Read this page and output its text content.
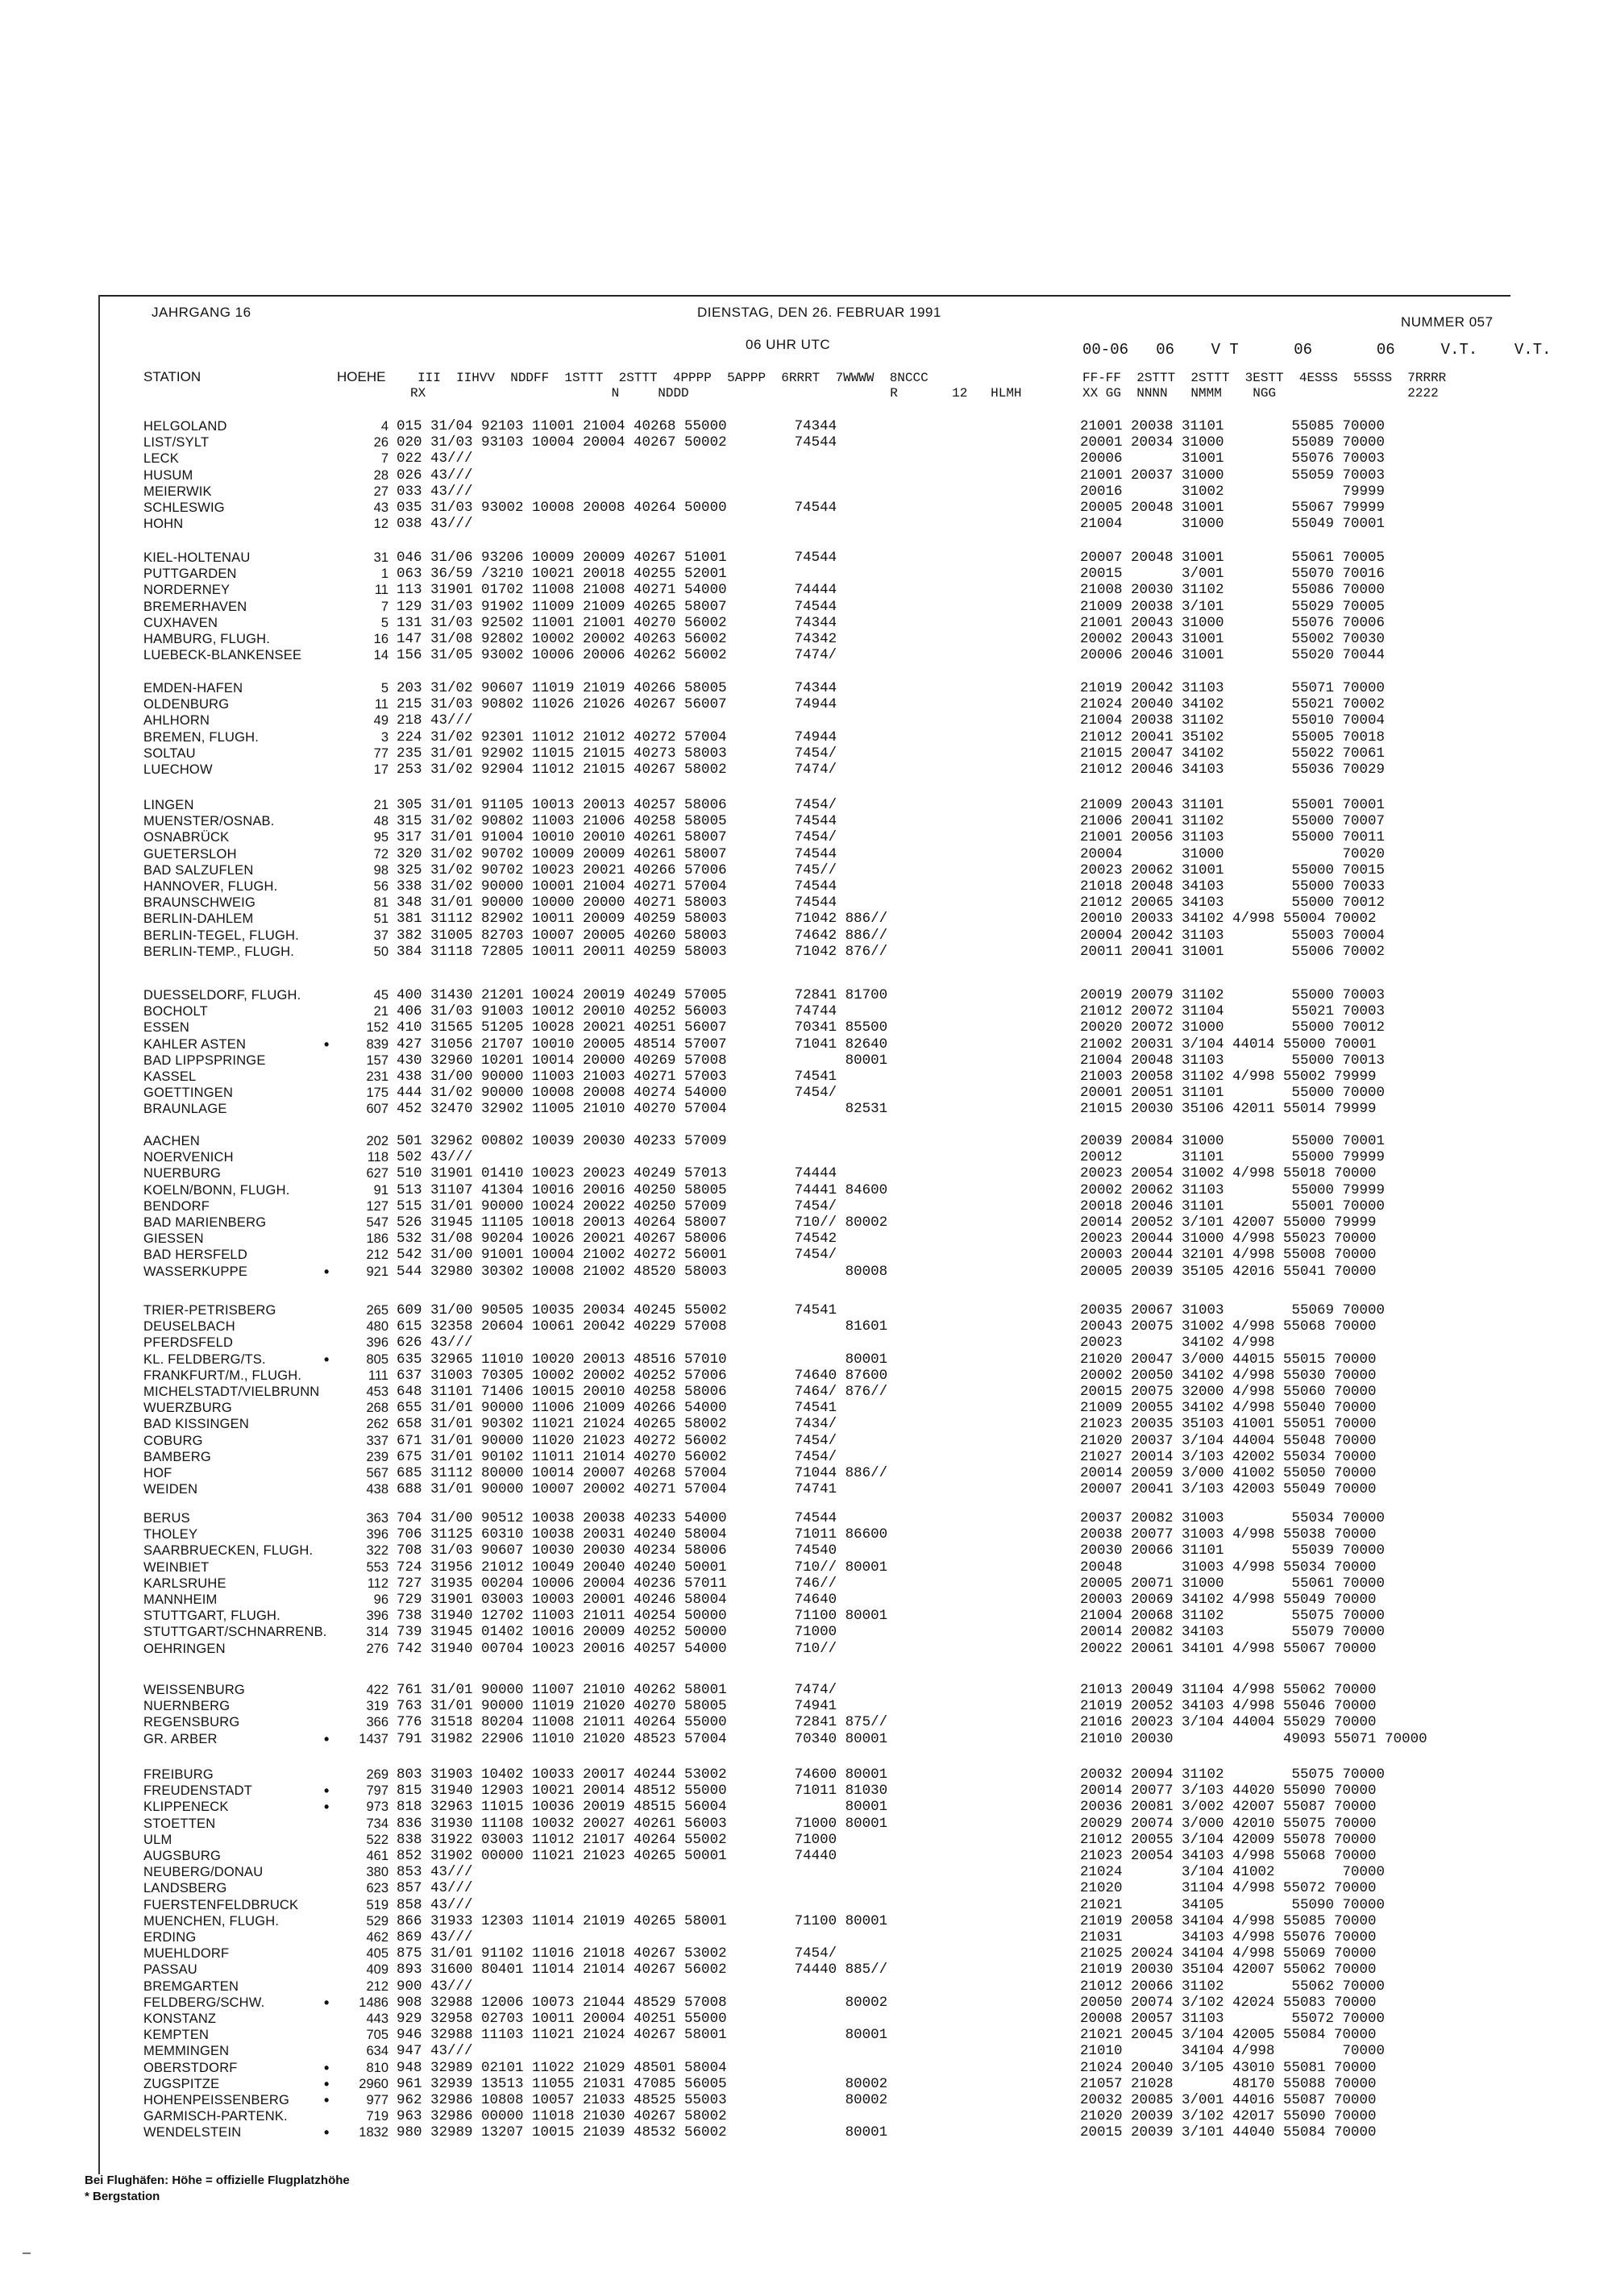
JAHRGANG 16	DIENSTAG, DEN 26. FEBRUAR 1991
NUMMER 057
06 UHR UTC	00-06   06    V T      06       06     V.T.    V.T.
STATION	HOEHE III  IIHVV  NDDFF  1STTT  2STTT  4PPPP  5APPP  6RRRT  7WWWW  8NCCC
RX                        N     NDDD                          R       12   HLMH
FF-FF  2STTT  2STTT  3ESTT  4ESSS  55SSS  7RRRR
XX GG  NNNN   NMMM    NGG                 2222
HELGOLAND	4 015 31/04 92103 11001 21004 40268 55000        74344	21001 20038 31101        55085 70000
LIST/SYLT	26 020 31/03 93103 10004 20004 40267 50002        74544	20001 20034 31000        55089 70000
LECK	7 022 43///	20006       31001        55076 70003
HUSUM	28 026 43///	21001 20037 31000        55059 70003
MEIERWIK	27 033 43///	20016       31002              79999
SCHLESWIG	43 035 31/03 93002 10008 20008 40264 50000        74544	20005 20048 31001        55067 79999
HOHN	12 038 43///	21004       31000        55049 70001
KIEL-HOLTENAU	31 046 31/06 93206 10009 20009 40267 51001        74544	20007 20048 31001        55061 70005
PUTTGARDEN	1 063 36/59 /3210 10021 20018 40255 52001	20015       3/001        55070 70016
NORDERNEY	11 113 31901 01702 11008 21008 40271 54000        74444	21008 20030 31102        55086 70000
BREMERHAVEN	7 129 31/03 91902 11009 21009 40265 58007        74544	21009 20038 3/101        55029 70005
CUXHAVEN	5 131 31/03 92502 11001 21001 40270 56002        74344	21001 20043 31000        55076 70006
HAMBURG, FLUGH.	16 147 31/08 92802 10002 20002 40263 56002        74342	20002 20043 31001        55002 70030
LUEBECK-BLANKENSEE	14 156 31/05 93002 10006 20006 40262 56002        7474/	20006 20046 31001        55020 70044
EMDEN-HAFEN	5 203 31/02 90607 11019 21019 40266 58005        74344	21019 20042 31103        55071 70000
OLDENBURG	11 215 31/03 90802 11026 21026 40267 56007        74944	21024 20040 34102        55021 70002
AHLHORN	49 218 43///	21004 20038 31102        55010 70004
BREMEN, FLUGH.	3 224 31/02 92301 11012 21012 40272 57004        74944	21012 20041 35102        55005 70018
SOLTAU	77 235 31/01 92902 11015 21015 40273 58003        7454/	21015 20047 34102        55022 70061
LUECHOW	17 253 31/02 92904 11012 21015 40267 58002        7474/	21012 20046 34103        55036 70029
LINGEN	21 305 31/01 91105 10013 20013 40257 58006        7454/	21009 20043 31101        55001 70001
MUENSTER/OSNAB.	48 315 31/02 90802 11003 21006 40258 58005        74544	21006 20041 31102        55000 70007
OSNABRÜCK	95 317 31/01 91004 10010 20010 40261 58007        7454/	21001 20056 31103        55000 70011
GUETERSLOH	72 320 31/02 90702 10009 20009 40261 58007        74544	20004       31000              70020
BAD SALZUFLEN	98 325 31/02 90702 10023 20021 40266 57006        745//	20023 20062 31001        55000 70015
HANNOVER, FLUGH.	56 338 31/02 90000 10001 21004 40271 57004        74544	21018 20048 34103        55000 70033
BRAUNSCHWEIG	81 348 31/01 90000 10000 20000 40271 58003        74544	21012 20065 34103        55000 70012
BERLIN-DAHLEM	51 381 31112 82902 10011 20009 40259 58003        71042 886//	20010 20033 34102 4/998 55004 70002
BERLIN-TEGEL, FLUGH.	37 382 31005 82703 10007 20005 40260 58003        74642 886//	20004 20042 31103        55003 70004
BERLIN-TEMP., FLUGH.	50 384 31118 72805 10011 20011 40259 58003        71042 876//	20011 20041 31001        55006 70002
DUESSELDORF, FLUGH.	45 400 31430 21201 10024 20019 40249 57005        72841 81700	20019 20079 31102        55000 70003
BOCHOLT	21 406 31/03 91003 10012 20010 40252 56003        74744	21012 20072 31104        55021 70003
ESSEN	152 410 31565 51205 10028 20021 40251 56007        70341 85500	20020 20072 31000        55000 70012
KAHLER ASTEN	•	839 427 31056 21707 10010 20005 48514 57007        71041 82640	21002 20031 3/104 44014 55000 70001
BAD LIPPSPRINGE	157 430 32960 10201 10014 20000 40269 57008              80001	21004 20048 31103        55000 70013
KASSEL	231 438 31/00 90000 11003 21003 40271 57003        74541	21003 20058 31102 4/998 55002 79999
GOETTINGEN	175 444 31/02 90000 10008 20008 40274 54000        7454/	20001 20051 31101        55000 70000
BRAUNLAGE	607 452 32470 32902 11005 21010 40270 57004              82531	21015 20030 35106 42011 55014 79999
AACHEN	202 501 32962 00802 10039 20030 40233 57009	20039 20084 31000        55000 70001
NOERVENICH	118 502 43///	20012       31101        55000 79999
NUERBURG	627 510 31901 01410 10023 20023 40249 57013        74444	20023 20054 31002 4/998 55018 70000
KOELN/BONN, FLUGH.	91 513 31107 41304 10016 20016 40250 58005        74441 84600	20002 20062 31103        55000 79999
BENDORF	127 515 31/01 90000 10024 20022 40250 57009        7454/	20018 20046 31101        55001 70000
BAD MARIENBERG	547 526 31945 11105 10018 20013 40264 58007        710// 80002	20014 20052 3/101 42007 55000 79999
GIESSEN	186 532 31/08 90204 10026 20021 40267 58006        74542	20023 20044 31000 4/998 55023 70000
BAD HERSFELD	212 542 31/00 91001 10004 21002 40272 56001        7454/	20003 20044 32101 4/998 55008 70000
WASSERKUPPE	•	921 544 32980 30302 10008 21002 48520 58003              80008	20005 20039 35105 42016 55041 70000
TRIER-PETRISBERG	265 609 31/00 90505 10035 20034 40245 55002        74541	20035 20067 31003        55069 70000
DEUSELBACH	480 615 32358 20604 10061 20042 40229 57008              81601	20043 20075 31002 4/998 55068 70000
PFERDSFELD	396 626 43///	20023       34102 4/998
KL. FELDBERG/TS.	•	805 635 32965 11010 10020 20013 48516 57010              80001	21020 20047 3/000 44015 55015 70000
FRANKFURT/M., FLUGH.	111 637 31003 70305 10002 20002 40252 57006        74640 87600	20002 20050 34102 4/998 55030 70000
MICHELSTADT/VIELBRUNN	453 648 31101 71406 10015 20010 40258 58006        7464/ 876//	20015 20075 32000 4/998 55060 70000
WUERZBURG	268 655 31/01 90000 11006 21009 40266 54000        74541	21009 20055 34102 4/998 55040 70000
BAD KISSINGEN	262 658 31/01 90302 11021 21024 40265 58002        7434/	21023 20035 35103 41001 55051 70000
COBURG	337 671 31/01 90000 11020 21023 40272 56002        7454/	21020 20037 3/104 44004 55048 70000
BAMBERG	239 675 31/01 90102 11011 21014 40270 56002        7454/	21027 20014 3/103 42002 55034 70000
HOF	567 685 31112 80000 10014 20007 40268 57004        71044 886//	20014 20059 3/000 41002 55050 70000
WEIDEN	438 688 31/01 90000 10007 20002 40271 57004        74741	20007 20041 3/103 42003 55049 70000
BERUS	363 704 31/00 90512 10038 20038 40233 54000        74544	20037 20082 31003        55034 70000
THOLEY	396 706 31125 60310 10038 20031 40240 58004        71011 86600	20038 20077 31003 4/998 55038 70000
SAARBRUECKEN, FLUGH.	322 708 31/03 90607 10030 20030 40234 58006        74540	20030 20066 31101        55039 70000
WEINBIET	553 724 31956 21012 10049 20040 40240 50001        710// 80001	20048       31003 4/998 55034 70000
KARLSRUHE	112 727 31935 00204 10006 20004 40236 57011        746//	20005 20071 31000        55061 70000
MANNHEIM	96 729 31901 03003 10003 20001 40246 58004        74640	20003 20069 34102 4/998 55049 70000
STUTTGART, FLUGH.	396 738 31940 12702 11003 21011 40254 50000        71100 80001	21004 20068 31102        55075 70000
STUTTGART/SCHNARRENB.	314 739 31945 01402 10016 20009 40252 50000        71000	20014 20082 34103        55079 70000
OEHRINGEN	276 742 31940 00704 10023 20016 40257 54000        710//	20022 20061 34101 4/998 55067 70000
WEISSENBURG	422 761 31/01 90000 11007 21010 40262 58001        7474/	21013 20049 31104 4/998 55062 70000
NUERNBERG	319 763 31/01 90000 11019 21020 40270 58005        74941	21019 20052 34103 4/998 55046 70000
REGENSBURG	366 776 31518 80204 11008 21011 40264 55000        72841 875//	21016 20023 3/104 44004 55029 70000
GR. ARBER	•	1437 791 31982 22906 11010 21020 48523 57004        70340 80001	21010 20030             49093 55071 70000
FREIBURG	269 803 31903 10402 10033 20017 40244 53002        74600 80001	20032 20094 31102        55075 70000
FREUDENSTADT	•	797 815 31940 12903 10021 20014 48512 55000        71011 81030	20014 20077 3/103 44020 55090 70000
KLIPPENECK	•	973 818 32963 11015 10036 20019 48515 56004              80001	20036 20081 3/002 42007 55087 70000
STOETTEN	734 836 31930 11108 10032 20027 40261 56003        71000 80001	20029 20074 3/000 42010 55075 70000
ULM	522 838 31922 03003 11012 21017 40264 55002        71000	21012 20055 3/104 42009 55078 70000
AUGSBURG	461 852 31902 00000 11021 21023 40265 50001        74440	21023 20054 34103 4/998 55068 70000
NEUBERG/DONAU	380 853 43///	21024       3/104 41002        70000
LANDSBERG	623 857 43///	21020       31104 4/998 55072 70000
FUERSTENFELDBRUCK	519 858 43///	21021       34105        55090 70000
MUENCHEN, FLUGH.	529 866 31933 12303 11014 21019 40265 58001        71100 80001	21019 20058 34104 4/998 55085 70000
ERDING	462 869 43///	21031       34103 4/998 55076 70000
MUEHLDORF	405 875 31/01 91102 11016 21018 40267 53002        7454/	21025 20024 34104 4/998 55069 70000
PASSAU	409 893 31600 80401 11014 21014 40267 56002        74440 885//	21019 20030 35104 42007 55062 70000
BREMGARTEN	212 900 43///	21012 20066 31102        55062 70000
FELDBERG/SCHW.	•	1486 908 32988 12006 10073 21044 48529 57008              80002	20050 20074 3/102 42024 55083 70000
KONSTANZ	443 929 32958 02703 10011 20004 40251 55000	20008 20057 31103        55072 70000
KEMPTEN	705 946 32988 11103 11021 21024 40267 58001              80001	21021 20045 3/104 42005 55084 70000
MEMMINGEN	634 947 43///	21010       34104 4/998        70000
OBERSTDORF	•	810 948 32989 02101 11022 21029 48501 58004	21024 20040 3/105 43010 55081 70000
ZUGSPITZE	•	2960 961 32939 13513 11055 21031 47085 56005              80002	21057 21028       48170 55088 70000
HOHENPEISSENBERG •	977 962 32986 10808 10057 21033 48525 55003              80002	20032 20085 3/001 44016 55087 70000
GARMISCH-PARTENK.	719 963 32986 00000 11018 21030 40267 58002	21020 20039 3/102 42017 55090 70000
WENDELSTEIN	•	1832 980 32989 13207 10015 21039 48532 56002              80001	20015 20039 3/101 44040 55084 70000
Bei Flughäfen: Höhe = offizielle Flugplatzhöhe
* Bergstation
